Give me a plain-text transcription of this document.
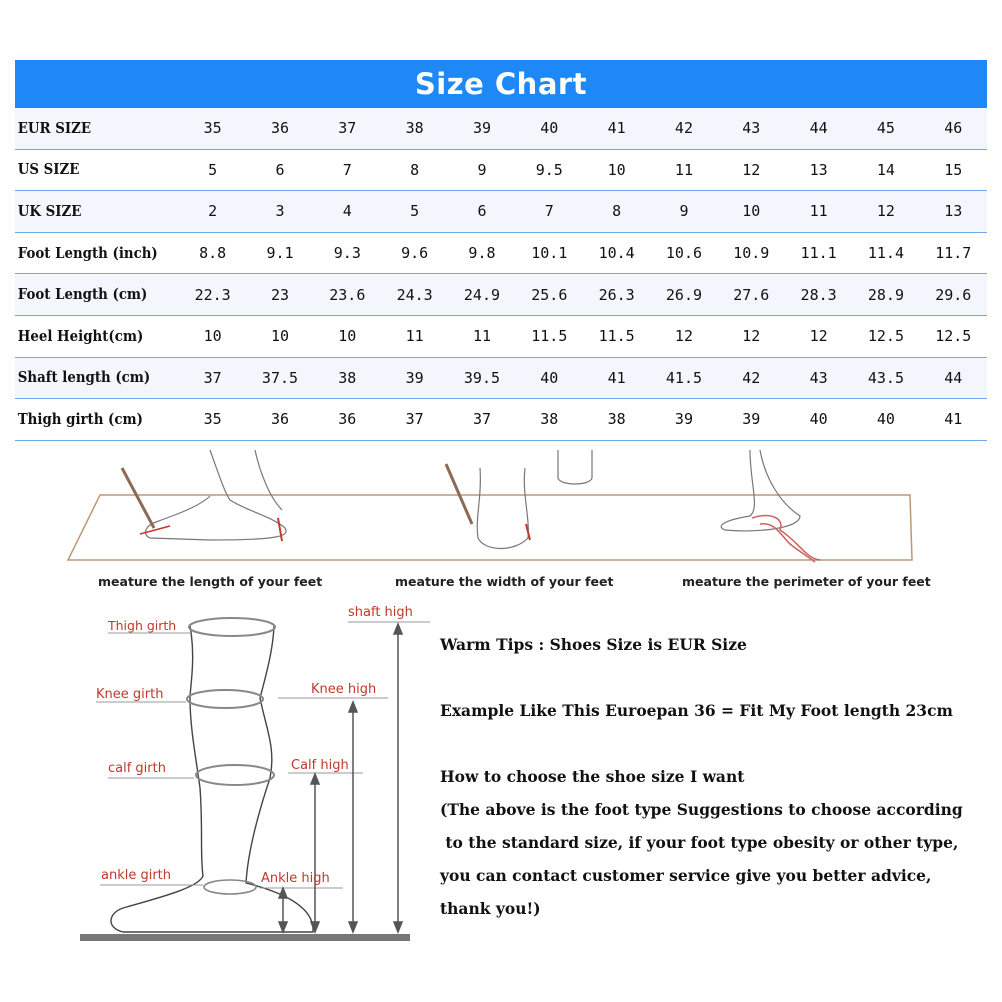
Size Chart
EUR SIZE	35	36	37	38	39	40	41	42	43	44	45	46
US SIZE	5	6	7	8	9	9.5	10	11	12	13	14	15
UK SIZE	2	3	4	5	6	7	8	9	10	11	12	13
Foot Length (inch)	8.8	9.1	9.3	9.6	9.8	10.1	10.4	10.6	10.9	11.1	11.4	11.7
Foot Length (cm)	22.3	23	23.6	24.3	24.9	25.6	26.3	26.9	27.6	28.3	28.9	29.6
Heel Height(cm)	10	10	10	11	11	11.5	11.5	12	12	12	12.5	12.5
Shaft length (cm)	37	37.5	38	39	39.5	40	41	41.5	42	43	43.5	44
Thigh girth (cm)	35	36	36	37	37	38	38	39	39	40	40	41
meature the length of your feet	meature the width of your feet	meature the perimeter of your feet
Thigh girth
Knee girth
calf girth
ankle girth
shaft high
Knee high
Calf high
Ankle high

Warm Tips : Shoes Size is EUR Size

Example Like This Euroepan 36 = Fit My Foot length 23cm

How to choose the shoe size I want

(The above is the foot type Suggestions to choose according

to the standard size, if your foot type obesity or other type,

you can contact customer service give you better advice,

thank you!)
